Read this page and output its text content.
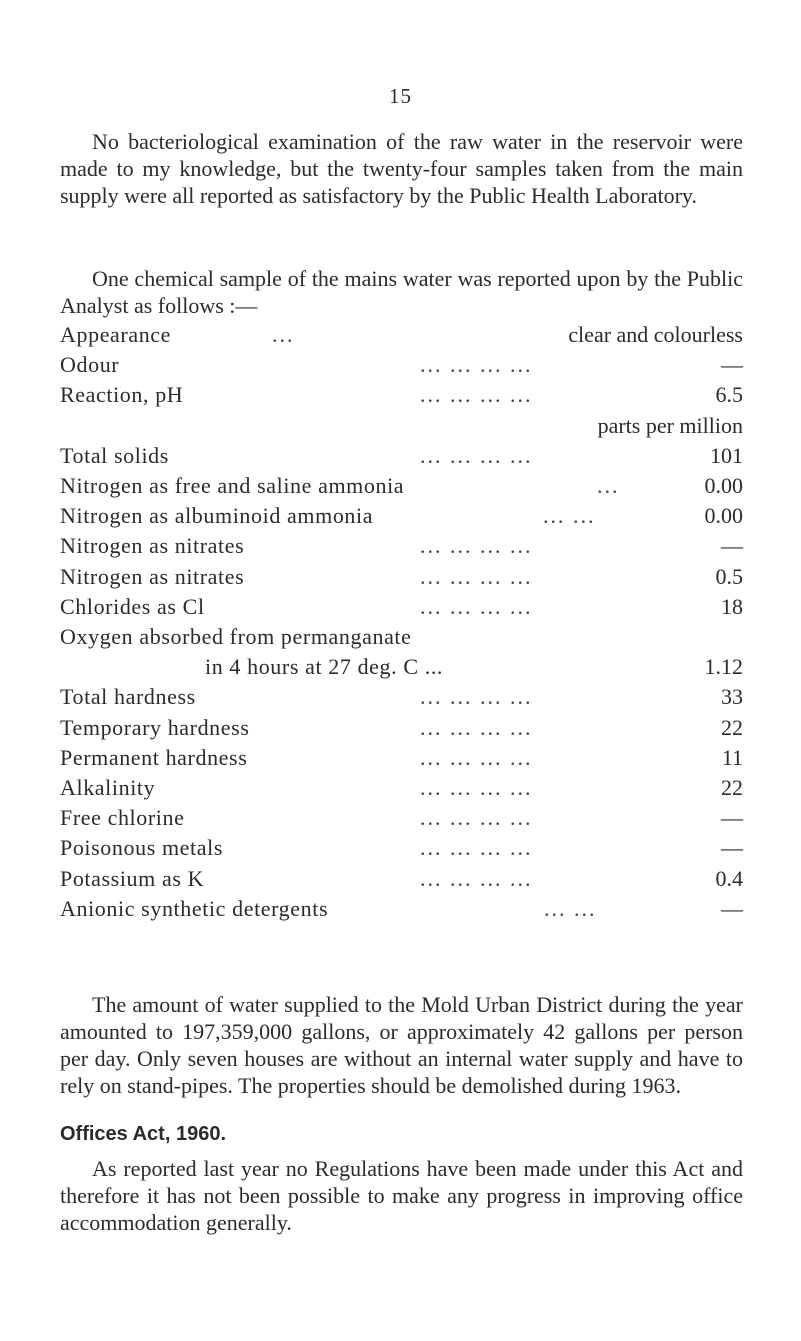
15
No bacteriological examination of the raw water in the reservoir were made to my knowledge, but the twenty-four samples taken from the main supply were all reported as satisfactory by the Public Health Laboratory.
One chemical sample of the mains water was reported upon by the Public Analyst as follows :—
Appearance	...	clear and colourless
Odour	... ... ... ...	—
Reaction, pH	... ... ... ...	6.5
parts per million
Total solids	... ... ... ...	101
Nitrogen as free and saline ammonia	...	0.00
Nitrogen as albuminoid ammonia	... ...	0.00
Nitrogen as nitrates	... ... ... ...	—
Nitrogen as nitrates	... ... ... ...	0.5
Chlorides as Cl	... ... ... ...	18
Oxygen absorbed from permanganate
in 4 hours at 27 deg. C ...	1.12
Total hardness	... ... ... ...	33
Temporary hardness	... ... ... ...	22
Permanent hardness	... ... ... ...	11
Alkalinity	... ... ... ...	22
Free chlorine	... ... ... ...	—
Poisonous metals	... ... ... ...	—
Potassium as K	... ... ... ...	0.4
Anionic synthetic detergents	... ...	—
The amount of water supplied to the Mold Urban District during the year amounted to 197,359,000 gallons, or approximately 42 gallons per person per day. Only seven houses are without an internal water supply and have to rely on stand-pipes. The properties should be demolished during 1963.
Offices Act, 1960.
As reported last year no Regulations have been made under this Act and therefore it has not been possible to make any progress in improving office accommodation generally.
